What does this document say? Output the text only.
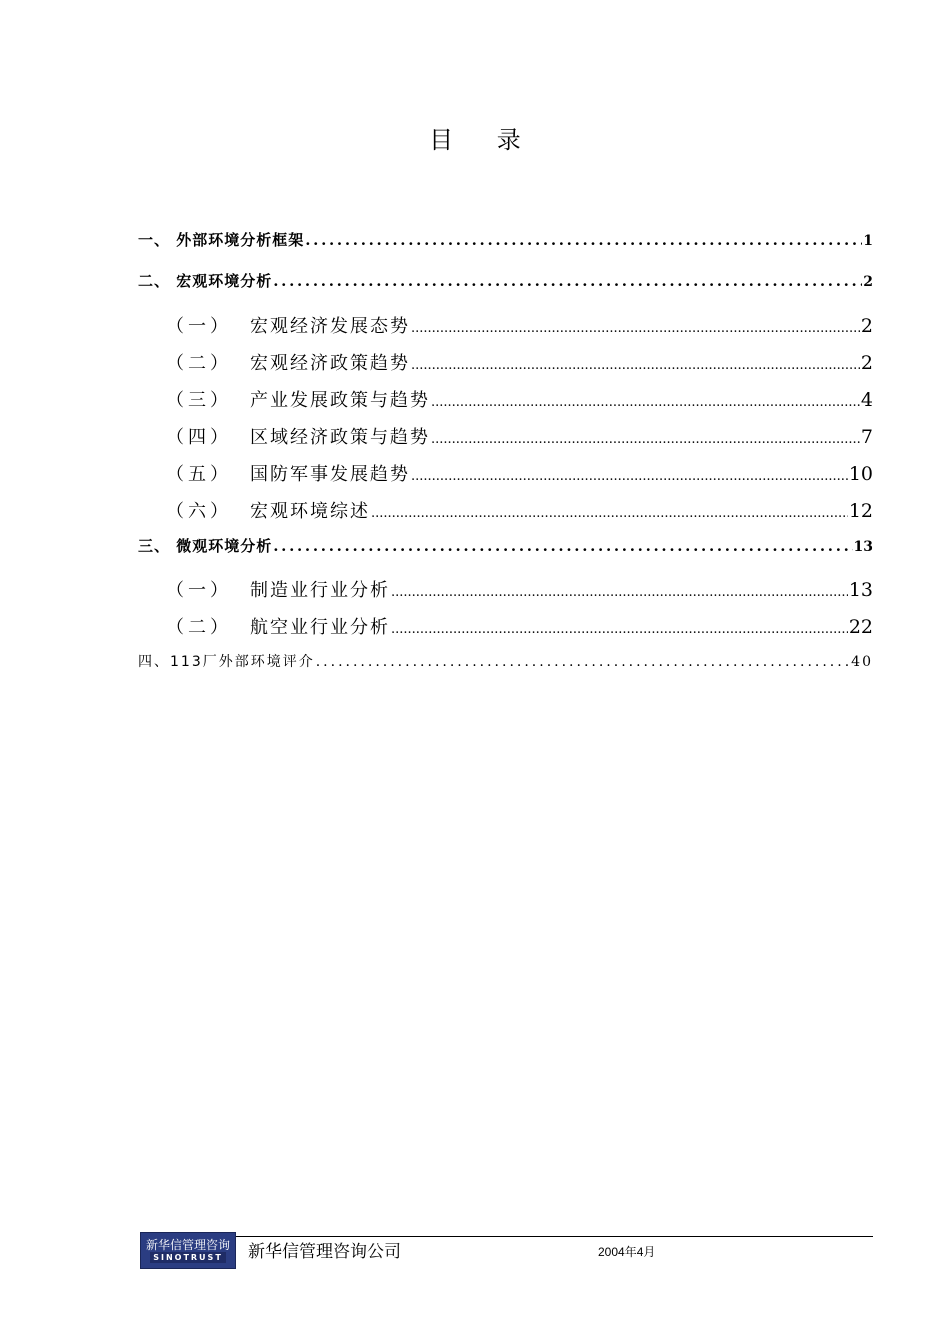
目 录
一、 外部环境分析框架 .....	1
二、 宏观环境分析 .....	2
（一）	宏观经济发展态势 .....	2
（二）	宏观经济政策趋势 .....	2
（三）	产业发展政策与趋势 .....	4
（四）	区域经济政策与趋势 .....	7
（五）	国防军事发展趋势 .....	10
（六）	宏观环境综述 .....	12
三、 微观环境分析 .....	13
（一）	制造业行业分析 .....	13
（二）	航空业行业分析 .....	22
四、113厂外部环境评介 .....	40
新华信管理咨询
SINOTRUST 新华信管理咨询公司	2004年4月
